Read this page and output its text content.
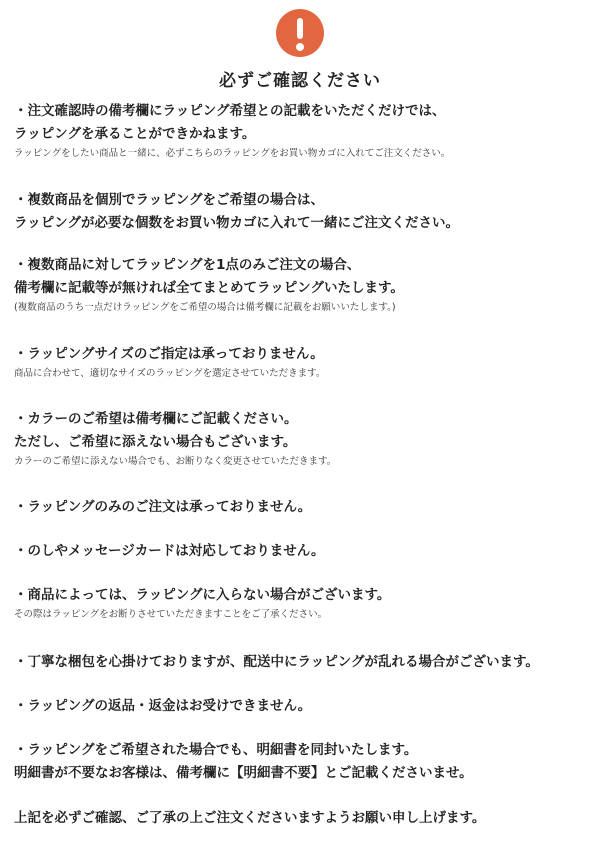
必ずご確認ください
・注文確認時の備考欄にラッピング希望との記載をいただくだけでは、
ラッピングを承ることができかねます。
ラッピングをしたい商品と一緒に、必ずこちらのラッピングをお買い物カゴに入れてご注文ください。
・複数商品を個別でラッピングをご希望の場合は、
ラッピングが必要な個数をお買い物カゴに入れて一緒にご注文ください。
・複数商品に対してラッピングを1点のみご注文の場合、
備考欄に記載等が無ければ全てまとめてラッピングいたします。
(複数商品のうち一点だけラッピングをご希望の場合は備考欄に記載をお願いいたします。)
・ラッピングサイズのご指定は承っておりません。
商品に合わせて、適切なサイズのラッピングを選定させていただきます。
・カラーのご希望は備考欄にご記載ください。
ただし、ご希望に添えない場合もございます。
カラーのご希望に添えない場合でも、お断りなく変更させていただきます。
・ラッピングのみのご注文は承っておりません。
・のしやメッセージカードは対応しておりません。
・商品によっては、ラッピングに入らない場合がございます。
その際はラッピングをお断りさせていただきますことをご了承ください。
・丁寧な梱包を心掛けておりますが、配送中にラッピングが乱れる場合がございます。
・ラッピングの返品・返金はお受けできません。
・ラッピングをご希望された場合でも、明細書を同封いたします。
明細書が不要なお客様は、備考欄に【明細書不要】とご記載くださいませ。
上記を必ずご確認、ご了承の上ご注文くださいますようお願い申し上げます。
